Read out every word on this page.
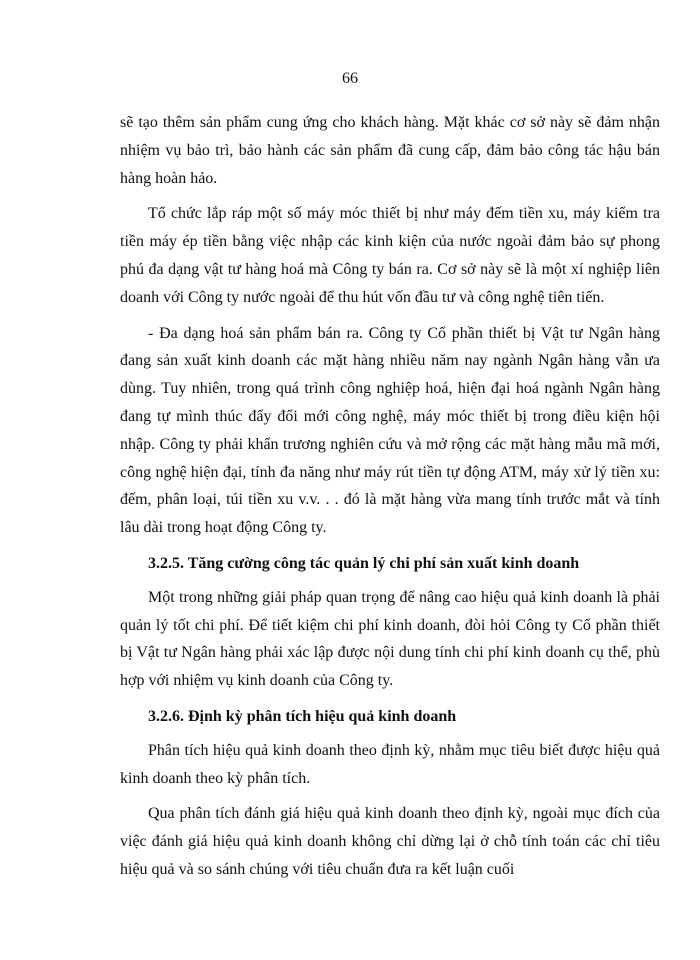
66

sẽ tạo thêm sản phẩm cung ứng cho khách hàng. Mặt khác cơ sở này sẽ đảm nhận nhiệm vụ bảo trì, bảo hành các sản phẩm đã cung cấp, đảm bảo công tác hậu bán hàng hoàn hảo.

Tổ chức lắp ráp một số máy móc thiết bị như máy đếm tiền xu, máy kiểm tra tiền máy ép tiền bằng việc nhập các kinh kiện của nước ngoài đảm bảo sự phong phú đa dạng vật tư hàng hoá mà Công ty bán ra. Cơ sở này sẽ là một xí nghiệp liên doanh với Công ty nước ngoài để thu hút vốn đầu tư và công nghệ tiên tiến.

- Đa dạng hoá sản phẩm bán ra. Công ty Cổ phần thiết bị Vật tư Ngân hàng đang sản xuất kinh doanh các mặt hàng nhiều năm nay ngành Ngân hàng vẫn ưa dùng. Tuy nhiên, trong quá trình công nghiệp hoá, hiện đại hoá ngành Ngân hàng đang tự mình thúc đẩy đổi mới công nghệ, máy móc thiết bị trong điều kiện hội nhập. Công ty phải khẩn trương nghiên cứu và mở rộng các mặt hàng mẫu mã mới, công nghệ hiện đại, tính đa năng như máy rút tiền tự động ATM, máy xử lý tiền xu: đếm, phân loại, túi tiền xu v.v. . . đó là mặt hàng vừa mang tính trước mắt và tính lâu dài trong hoạt động Công ty.

3.2.5. Tăng cường công tác quản lý chi phí sản xuất kinh doanh

Một trong những giải pháp quan trọng để nâng cao hiệu quả kinh doanh là phải quản lý tốt chi phí. Để tiết kiệm chi phí kinh doanh, đòi hỏi Công ty Cổ phần thiết bị Vật tư Ngân hàng phải xác lập được nội dung tính chi phí kinh doanh cụ thể, phù hợp với nhiệm vụ kinh doanh của Công ty.

3.2.6. Định kỳ phân tích hiệu quả kinh doanh

Phân tích hiệu quả kinh doanh theo định kỳ, nhằm mục tiêu biết được hiệu quả kinh doanh theo kỳ phân tích.

Qua phân tích đánh giá hiệu quả kinh doanh theo định kỳ, ngoài mục đích của việc đánh giá hiệu quả kinh doanh không chỉ dừng lại ở chỗ tính toán các chỉ tiêu hiệu quả và so sánh chúng với tiêu chuẩn đưa ra kết luận cuối
